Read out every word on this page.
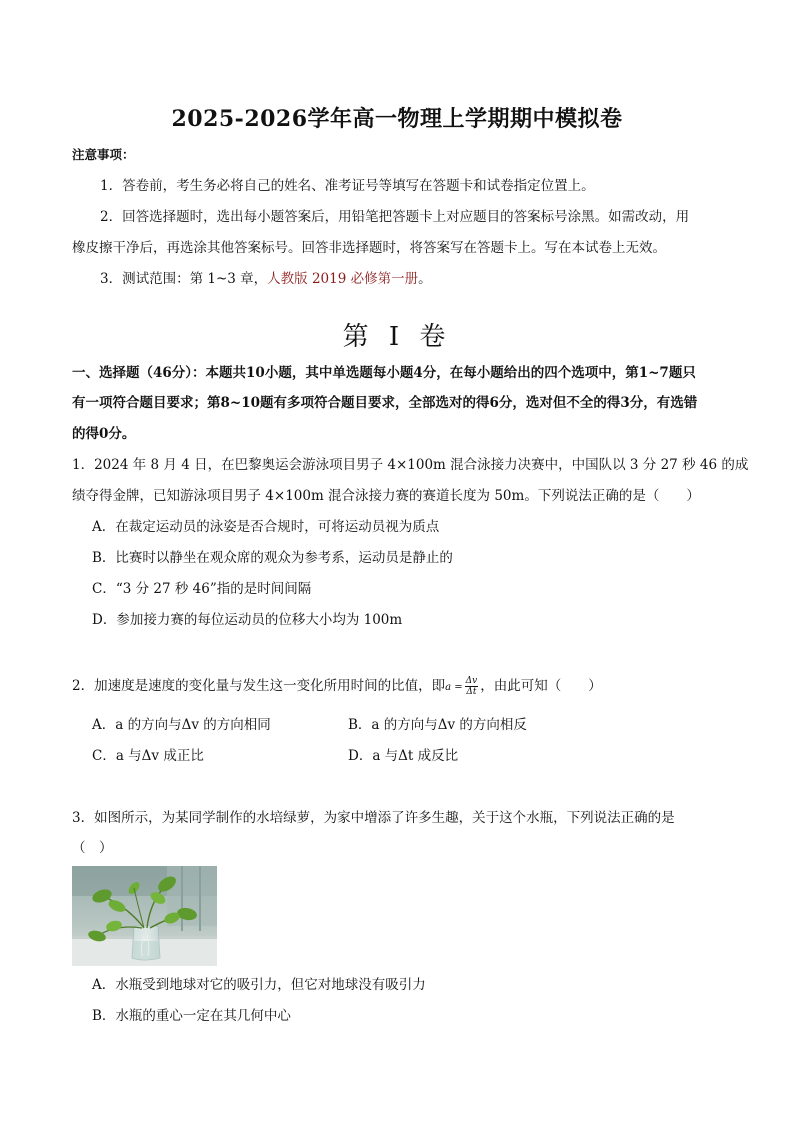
2025-2026学年高一物理上学期期中模拟卷
注意事项：
1．答卷前，考生务必将自己的姓名、准考证号等填写在答题卡和试卷指定位置上。
2．回答选择题时，选出每小题答案后，用铅笔把答题卡上对应题目的答案标号涂黑。如需改动，用
橡皮擦干净后，再选涂其他答案标号。回答非选择题时，将答案写在答题卡上。写在本试卷上无效。
3．测试范围：第 1~3 章，人教版 2019 必修第一册。
第 I 卷
一、选择题（46分）：本题共10小题，其中单选题每小题4分，在每小题给出的四个选项中，第1~7题只
有一项符合题目要求；第8~10题有多项符合题目要求，全部选对的得6分，选对但不全的得3分，有选错
的得0分。
1．2024 年 8 月 4 日，在巴黎奥运会游泳项目男子 4×100m 混合泳接力决赛中，中国队以 3 分 27 秒 46 的成
绩夺得金牌，已知游泳项目男子 4×100m 混合泳接力赛的赛道长度为 50m。下列说法正确的是（　　）
A．在裁定运动员的泳姿是否合规时，可将运动员视为质点
B．比赛时以静坐在观众席的观众为参考系，运动员是静止的
C．“3 分 27 秒 46”指的是时间间隔
D．参加接力赛的每位运动员的位移大小均为 100m
2．加速度是速度的变化量与发生这一变化所用时间的比值，即$a = \frac{\Delta v}{\Delta t}$ ，由此可知（　　）
A．a 的方向与Δv 的方向相同	B．a 的方向与Δv 的方向相反
C．a 与Δv 成正比	D．a 与Δt 成反比
3．如图所示，为某同学制作的水培绿萝，为家中增添了许多生趣，关于这个水瓶，下列说法正确的是
（　）
A．水瓶受到地球对它的吸引力，但它对地球没有吸引力
B．水瓶的重心一定在其几何中心
